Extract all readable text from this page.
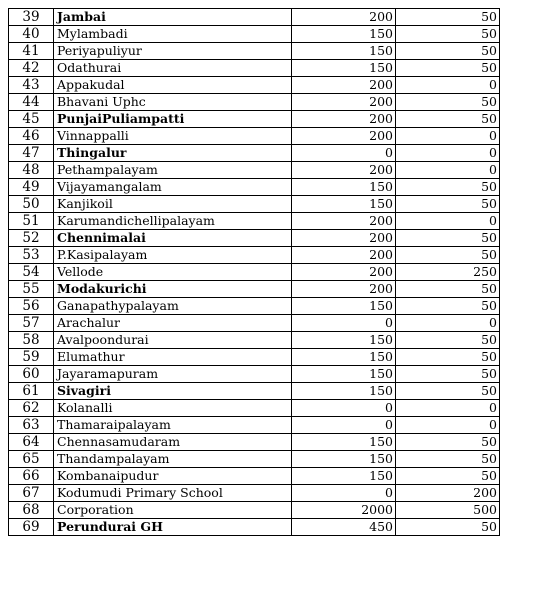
39	Jambai	200	50
40	Mylambadi	150	50
41	Periyapuliyur	150	50
42	Odathurai	150	50
43	Appakudal	200	0
44	Bhavani Uphc	200	50
45	PunjaiPuliampatti	200	50
46	Vinnappalli	200	0
47	Thingalur	0	0
48	Pethampalayam	200	0
49	Vijayamangalam	150	50
50	Kanjikoil	150	50
51	Karumandichellipalayam	200	0
52	Chennimalai	200	50
53	P.Kasipalayam	200	50
54	Vellode	200	250
55	Modakurichi	200	50
56	Ganapathypalayam	150	50
57	Arachalur	0	0
58	Avalpoondurai	150	50
59	Elumathur	150	50
60	Jayaramapuram	150	50
61	Sivagiri	150	50
62	Kolanalli	0	0
63	Thamaraipalayam	0	0
64	Chennasamudaram	150	50
65	Thandampalayam	150	50
66	Kombanaipudur	150	50
67	Kodumudi Primary School	0	200
68	Corporation	2000	500
69	Perundurai GH	450	50
